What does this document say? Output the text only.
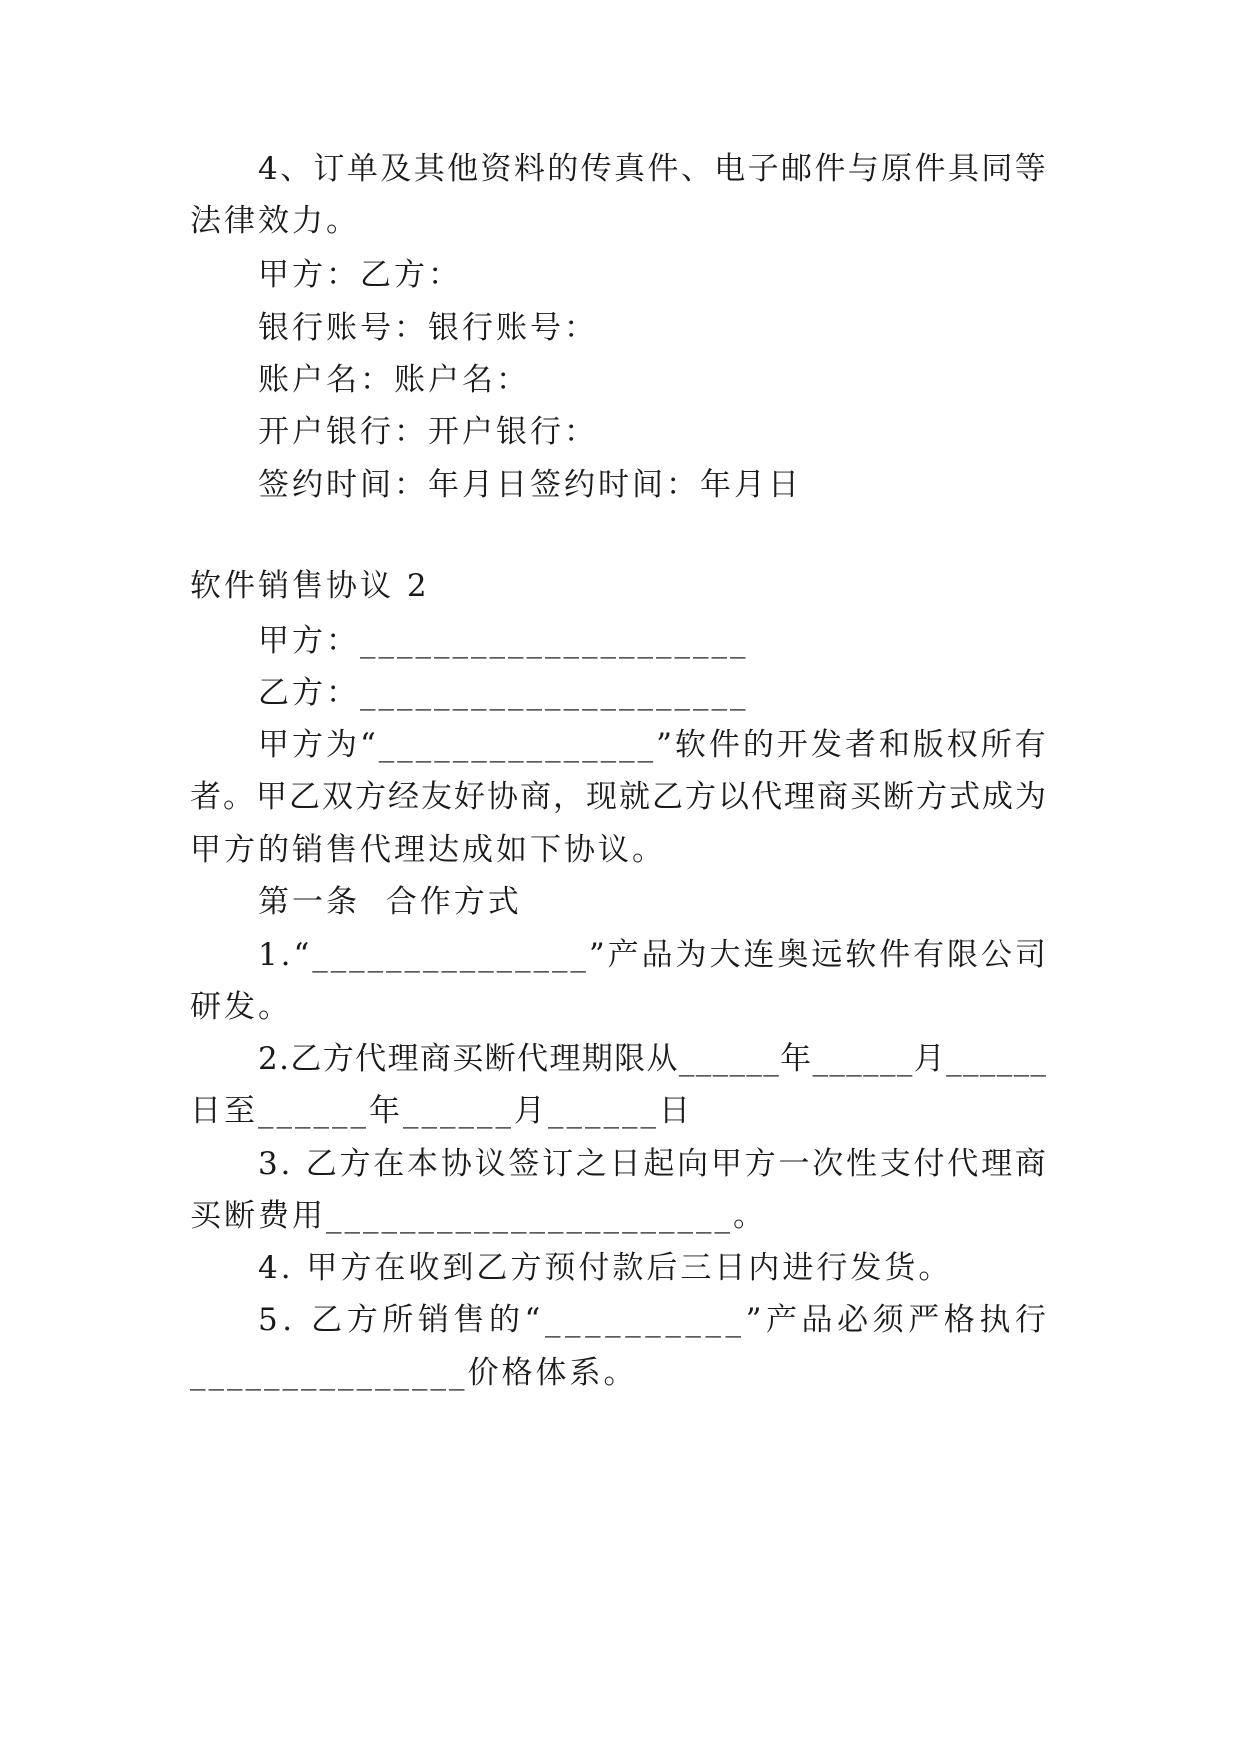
4 、 订 单 及 其 他 资 料 的 传 真 件 、 电 子 邮 件 与 原 件 具 同 等
法律效力。
甲方：乙方：
银行账号：银行账号：
账户名：账户名：
开户银行：开户银行：
签约时间：年月日签约时间：年月日
软件销售协议 2
甲方：_____________________
乙方：_____________________
甲 方 为 “ _ _ _ _ _ _ _ _ _ _ _ _ _ _ _ ” 软 件 的 开 发 者 和 版 权 所 有
者 。 甲 乙 双 方 经 友 好 协 商 ， 现 就 乙 方 以 代 理 商 买 断 方 式 成 为
甲方的销售代理达成如下协议。
第一条  合作方式
1 . “ _ _ _ _ _ _ _ _ _ _ _ _ _ _ _ ” 产 品 为 大 连 奥 远 软 件 有 限 公 司
研发。
2 . 乙 方 代 理 商 买 断 代 理 期 限 从 _ _ _ _ _ _ 年 _ _ _ _ _ _ 月 _ _ _ _ _ _
日至______年______月______日
3 .
乙 方 在 本 协 议 签 订 之 日 起 向 甲 方 一 次 性 支 付 代 理 商
买断费用______________________。
4. 甲方在收到乙方预付款后三日内进行发货。
5 .
乙 方 所 销 售 的 “ _ _ _ _ _ _ _ _ _ _ ” 产 品 必 须 严 格 执 行
_______________价格体系。
